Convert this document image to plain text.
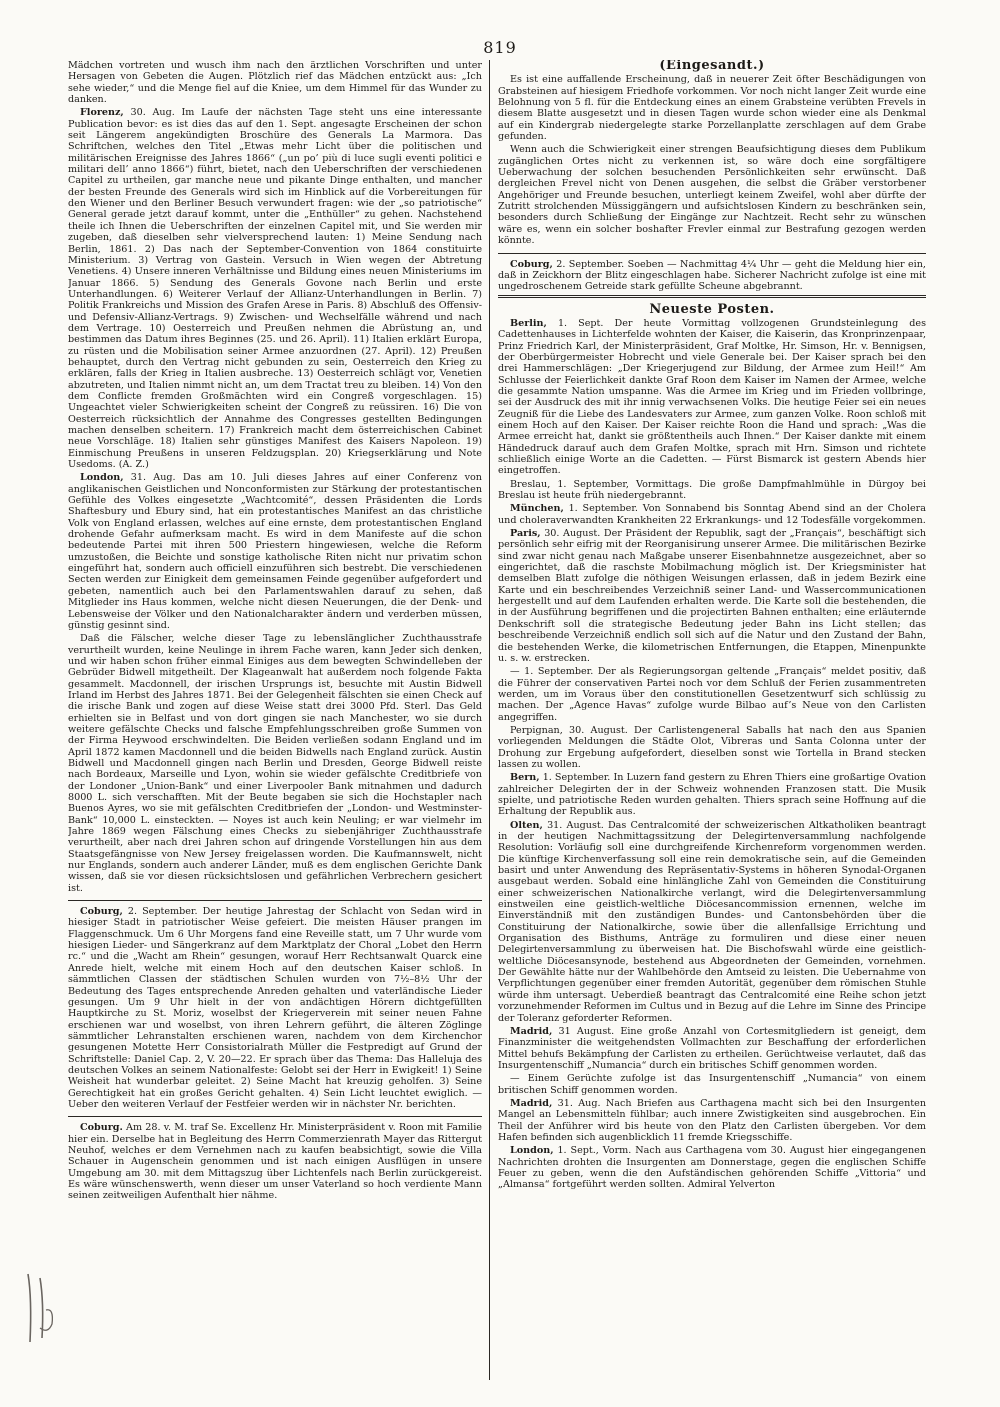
819

Mädchen vortreten und wusch ihm nach den ärztlichen Vorschriften und unter Hersagen von Gebeten die Augen. Plötzlich rief das Mädchen entzückt aus: „Ich sehe wieder,“ und die Menge fiel auf die Kniee, um dem Himmel für das Wunder zu danken.

Florenz, 30. Aug. Im Laufe der nächsten Tage steht uns eine interessante Publication bevor: es ist dies das auf den 1. Sept. angesagte Erscheinen der schon seit Längerem angekündigten Broschüre des Generals La Marmora. Das Schriftchen, welches den Titel „Etwas mehr Licht über die politischen und militärischen Ereignisse des Jahres 1866“ („un po’ più di luce sugli eventi politici e militari dell’ anno 1866“) führt, bietet, nach den Ueberschriften der verschiedenen Capitel zu urtheilen, gar manche neue und pikante Dinge enthalten, und mancher der besten Freunde des Generals wird sich im Hinblick auf die Vorbereitungen für den Wiener und den Berliner Besuch verwundert fragen: wie der „so patriotische“ General gerade jetzt darauf kommt, unter die „Enthüller“ zu gehen. Nachstehend theile ich Ihnen die Ueberschriften der einzelnen Capitel mit, und Sie werden mir zugeben, daß dieselben sehr vielversprechend lauten: 1) Meine Sendung nach Berlin, 1861. 2) Das nach der September-Convention von 1864 constituirte Ministerium. 3) Vertrag von Gastein. Versuch in Wien wegen der Abtretung Venetiens. 4) Unsere inneren Verhältnisse und Bildung eines neuen Ministeriums im Januar 1866. 5) Sendung des Generals Govone nach Berlin und erste Unterhandlungen. 6) Weiterer Verlauf der Allianz-Unterhandlungen in Berlin. 7) Politik Frankreichs und Mission des Grafen Arese in Paris. 8) Abschluß des Offensiv- und Defensiv-Allianz-Vertrags. 9) Zwischen- und Wechselfälle während und nach dem Vertrage. 10) Oesterreich und Preußen nehmen die Abrüstung an, und bestimmen das Datum ihres Beginnes (25. und 26. April). 11) Italien erklärt Europa, zu rüsten und die Mobilisation seiner Armee anzuordnen (27. April). 12) Preußen behauptet, durch den Vertrag nicht gebunden zu sein, Oesterreich den Krieg zu erklären, falls der Krieg in Italien ausbreche. 13) Oesterreich schlägt vor, Venetien abzutreten, und Italien nimmt nicht an, um dem Tractat treu zu bleiben. 14) Von den dem Conflicte fremden Großmächten wird ein Congreß vorgeschlagen. 15) Ungeachtet vieler Schwierigkeiten scheint der Congreß zu reüssiren. 16) Die von Oesterreich rücksichtlich der Annahme des Congresses gestellten Bedingungen machen denselben scheitern. 17) Frankreich macht dem österreichischen Cabinet neue Vorschläge. 18) Italien sehr günstiges Manifest des Kaisers Napoleon. 19) Einmischung Preußens in unseren Feldzugsplan. 20) Kriegserklärung und Note Usedoms. (A. Z.)

London, 31. Aug. Das am 10. Juli dieses Jahres auf einer Conferenz von anglikanischen Geistlichen und Nonconformisten zur Stärkung der protestantischen Gefühle des Volkes eingesetzte „Wachtcomité“, dessen Präsidenten die Lords Shaftesbury und Ebury sind, hat ein protestantisches Manifest an das christliche Volk von England erlassen, welches auf eine ernste, dem protestantischen England drohende Gefahr aufmerksam macht. Es wird in dem Manifeste auf die schon bedeutende Partei mit ihren 500 Priestern hingewiesen, welche die Reform umzustoßen, die Beichte und sonstige katholische Riten nicht nur privatim schon eingeführt hat, sondern auch officiell einzuführen sich bestrebt. Die verschiedenen Secten werden zur Einigkeit dem gemeinsamen Feinde gegenüber aufgefordert und gebeten, namentlich auch bei den Parlamentswahlen darauf zu sehen, daß Mitglieder ins Haus kommen, welche nicht diesen Neuerungen, die der Denk- und Lebensweise der Völker und den Nationalcharakter ändern und verderben müssen, günstig gesinnt sind.

Daß die Fälscher, welche dieser Tage zu lebenslänglicher Zuchthausstrafe verurtheilt wurden, keine Neulinge in ihrem Fache waren, kann Jeder sich denken, und wir haben schon früher einmal Einiges aus dem bewegten Schwindelleben der Gebrüder Bidwell mitgetheilt. Der Klageanwalt hat außerdem noch folgende Fakta gesammelt. Macdonnell, der irischen Ursprungs ist, besuchte mit Austin Bidwell Irland im Herbst des Jahres 1871. Bei der Gelegenheit fälschten sie einen Check auf die irische Bank und zogen auf diese Weise statt drei 3000 Pfd. Sterl. Das Geld erhielten sie in Belfast und von dort gingen sie nach Manchester, wo sie durch weitere gefälschte Checks und falsche Empfehlungsschreiben große Summen von der Firma Heywood erschwindelten. Die Beiden verließen sodann England und im April 1872 kamen Macdonnell und die beiden Bidwells nach England zurück. Austin Bidwell und Macdonnell gingen nach Berlin und Dresden, George Bidwell reiste nach Bordeaux, Marseille und Lyon, wohin sie wieder gefälschte Creditbriefe von der Londoner „Union-Bank“ und einer Liverpooler Bank mitnahmen und dadurch 8000 L. sich verschafften. Mit der Beute begaben sie sich die Hochstapler nach Buenos Ayres, wo sie mit gefälschten Creditbriefen der „London- und Westminster-Bank“ 10,000 L. einsteckten. — Noyes ist auch kein Neuling; er war vielmehr im Jahre 1869 wegen Fälschung eines Checks zu siebenjähriger Zuchthausstrafe verurtheilt, aber nach drei Jahren schon auf dringende Vorstellungen hin aus dem Staatsgefängnisse von New Jersey freigelassen worden. Die Kaufmannswelt, nicht nur Englands, sondern auch anderer Länder, muß es dem englischen Gerichte Dank wissen, daß sie vor diesen rücksichtslosen und gefährlichen Verbrechern gesichert ist.

Coburg, 2. September. Der heutige Jahrestag der Schlacht von Sedan wird in hiesiger Stadt in patriotischer Weise gefeiert. Die meisten Häuser prangen im Flaggenschmuck. Um 6 Uhr Morgens fand eine Reveille statt, um 7 Uhr wurde vom hiesigen Lieder- und Sängerkranz auf dem Marktplatz der Choral „Lobet den Herrn rc.“ und die „Wacht am Rhein“ gesungen, worauf Herr Rechtsanwalt Quarck eine Anrede hielt, welche mit einem Hoch auf den deutschen Kaiser schloß. In sämmtlichen Classen der städtischen Schulen wurden von 7½–8½ Uhr der Bedeutung des Tages entsprechende Anreden gehalten und vaterländische Lieder gesungen. Um 9 Uhr hielt in der von andächtigen Hörern dichtgefüllten Hauptkirche zu St. Moriz, woselbst der Kriegerverein mit seiner neuen Fahne erschienen war und woselbst, von ihren Lehrern geführt, die älteren Zöglinge sämmtlicher Lehranstalten erschienen waren, nachdem von dem Kirchenchor gesungenen Motette Herr Consistorialrath Müller die Festpredigt auf Grund der Schriftstelle: Daniel Cap. 2, V. 20—22. Er sprach über das Thema: Das Halleluja des deutschen Volkes an seinem Nationalfeste: Gelobt sei der Herr in Ewigkeit! 1) Seine Weisheit hat wunderbar geleitet. 2) Seine Macht hat kreuzig geholfen. 3) Seine Gerechtigkeit hat ein großes Gericht gehalten. 4) Sein Licht leuchtet ewiglich. — Ueber den weiteren Verlauf der Festfeier werden wir in nächster Nr. berichten.

Coburg. Am 28. v. M. traf Se. Excellenz Hr. Ministerpräsident v. Roon mit Familie hier ein. Derselbe hat in Begleitung des Herrn Commerzienrath Mayer das Rittergut Neuhof, welches er dem Vernehmen nach zu kaufen beabsichtigt, sowie die Villa Schauer in Augenschein genommen und ist nach einigen Ausflügen in unsere Umgebung am 30. mit dem Mittagszug über Lichtenfels nach Berlin zurückgereist. Es wäre wünschenswerth, wenn dieser um unser Vaterland so hoch verdiente Mann seinen zeitweiligen Aufenthalt hier nähme.

(Eingesandt.)

Es ist eine auffallende Erscheinung, daß in neuerer Zeit öfter Beschädigungen von Grabsteinen auf hiesigem Friedhofe vorkommen. Vor noch nicht langer Zeit wurde eine Belohnung von 5 fl. für die Entdeckung eines an einem Grabsteine verübten Frevels in diesem Blatte ausgesetzt und in diesen Tagen wurde schon wieder eine als Denkmal auf ein Kindergrab niedergelegte starke Porzellanplatte zerschlagen auf dem Grabe gefunden.

Wenn auch die Schwierigkeit einer strengen Beaufsichtigung dieses dem Publikum zugänglichen Ortes nicht zu verkennen ist, so wäre doch eine sorgfältigere Ueberwachung der solchen besuchenden Persönlichkeiten sehr erwünscht. Daß dergleichen Frevel nicht von Denen ausgehen, die selbst die Gräber verstorbener Angehöriger und Freunde besuchen, unterliegt keinem Zweifel, wohl aber dürfte der Zutritt strolchenden Müssiggängern und aufsichtslosen Kindern zu beschränken sein, besonders durch Schließung der Eingänge zur Nachtzeit. Recht sehr zu wünschen wäre es, wenn ein solcher boshafter Frevler einmal zur Bestrafung gezogen werden könnte.

Coburg, 2. September. Soeben — Nachmittag 4¼ Uhr — geht die Meldung hier ein, daß in Zeickhorn der Blitz eingeschlagen habe. Sicherer Nachricht zufolge ist eine mit ungedroschenem Getreide stark gefüllte Scheune abgebrannt.

Neueste Posten.

Berlin, 1. Sept. Der heute Vormittag vollzogenen Grundsteinlegung des Cadettenhauses in Lichterfelde wohnten der Kaiser, die Kaiserin, das Kronprinzenpaar, Prinz Friedrich Karl, der Ministerpräsident, Graf Moltke, Hr. Simson, Hr. v. Bennigsen, der Oberbürgermeister Hobrecht und viele Generale bei. Der Kaiser sprach bei den drei Hammerschlägen: „Der Kriegerjugend zur Bildung, der Armee zum Heil!“ Am Schlusse der Feierlichkeit dankte Graf Roon dem Kaiser im Namen der Armee, welche die gesammte Nation umspanne. Was die Armee im Krieg und im Frieden vollbringe, sei der Ausdruck des mit ihr innig verwachsenen Volks. Die heutige Feier sei ein neues Zeugniß für die Liebe des Landesvaters zur Armee, zum ganzen Volke. Roon schloß mit einem Hoch auf den Kaiser. Der Kaiser reichte Roon die Hand und sprach: „Was die Armee erreicht hat, dankt sie größtentheils auch Ihnen.“ Der Kaiser dankte mit einem Händedruck darauf auch dem Grafen Moltke, sprach mit Hrn. Simson und richtete schließlich einige Worte an die Cadetten. — Fürst Bismarck ist gestern Abends hier eingetroffen.

Breslau, 1. September, Vormittags. Die große Dampfmahlmühle in Dürgoy bei Breslau ist heute früh niedergebrannt.

München, 1. September. Von Sonnabend bis Sonntag Abend sind an der Cholera und choleraverwandten Krankheiten 22 Erkrankungs- und 12 Todesfälle vorgekommen.

Paris, 30. August. Der Präsident der Republik, sagt der „Français“, beschäftigt sich persönlich sehr eifrig mit der Reorganisirung unserer Armee. Die militärischen Bezirke sind zwar nicht genau nach Maßgabe unserer Eisenbahnnetze ausgezeichnet, aber so eingerichtet, daß die raschste Mobilmachung möglich ist. Der Kriegsminister hat demselben Blatt zufolge die nöthigen Weisungen erlassen, daß in jedem Bezirk eine Karte und ein beschreibendes Verzeichniß seiner Land- und Wassercommunicationen hergestellt und auf dem Laufenden erhalten werde. Die Karte soll die bestehenden, die in der Ausführung begriffenen und die projectirten Bahnen enthalten; eine erläuternde Denkschrift soll die strategische Bedeutung jeder Bahn ins Licht stellen; das beschreibende Verzeichniß endlich soll sich auf die Natur und den Zustand der Bahn, die bestehenden Werke, die kilometrischen Entfernungen, die Etappen, Minenpunkte u. s. w. erstrecken.

— 1. September. Der als Regierungsorgan geltende „Français“ meldet positiv, daß die Führer der conservativen Partei noch vor dem Schluß der Ferien zusammentreten werden, um im Voraus über den constitutionellen Gesetzentwurf sich schlüssig zu machen. Der „Agence Havas“ zufolge wurde Bilbao auf’s Neue von den Carlisten angegriffen.

Perpignan, 30. August. Der Carlistengeneral Saballs hat nach den aus Spanien vorliegenden Meldungen die Städte Olot, Vibreras und Santa Colonna unter der Drohung zur Ergebung aufgefordert, dieselben sonst wie Tortella in Brand stecken lassen zu wollen.

Bern, 1. September. In Luzern fand gestern zu Ehren Thiers eine großartige Ovation zahlreicher Delegirten der in der Schweiz wohnenden Franzosen statt. Die Musik spielte, und patriotische Reden wurden gehalten. Thiers sprach seine Hoffnung auf die Erhaltung der Republik aus.

Olten, 31. August. Das Centralcomité der schweizerischen Altkatholiken beantragt in der heutigen Nachmittagssitzung der Delegirtenversammlung nachfolgende Resolution: Vorläufig soll eine durchgreifende Kirchenreform vorgenommen werden. Die künftige Kirchenverfassung soll eine rein demokratische sein, auf die Gemeinden basirt und unter Anwendung des Repräsentativ-Systems in höheren Synodal-Organen ausgebaut werden. Sobald eine hinlängliche Zahl von Gemeinden die Constituirung einer schweizerischen Nationalkirche verlangt, wird die Delegirtenversammlung einstweilen eine geistlich-weltliche Diöcesancommission ernennen, welche im Einverständniß mit den zuständigen Bundes- und Cantonsbehörden über die Constituirung der Nationalkirche, sowie über die allenfallsige Errichtung und Organisation des Bisthums, Anträge zu formuliren und diese einer neuen Delegirtenversammlung zu überweisen hat. Die Bischofswahl würde eine geistlich-weltliche Diöcesansynode, bestehend aus Abgeordneten der Gemeinden, vornehmen. Der Gewählte hätte nur der Wahlbehörde den Amtseid zu leisten. Die Uebernahme von Verpflichtungen gegenüber einer fremden Autorität, gegenüber dem römischen Stuhle würde ihm untersagt. Ueberdieß beantragt das Centralcomité eine Reihe schon jetzt vorzunehmender Reformen im Cultus und in Bezug auf die Lehre im Sinne des Principe der Toleranz geforderter Reformen.

Madrid, 31 August. Eine große Anzahl von Cortesmitgliedern ist geneigt, dem Finanzminister die weitgehendsten Vollmachten zur Beschaffung der erforderlichen Mittel behufs Bekämpfung der Carlisten zu ertheilen. Gerüchtweise verlautet, daß das Insurgentenschiff „Numancia“ durch ein britisches Schiff genommen worden.

— Einem Gerüchte zufolge ist das Insurgentenschiff „Numancia“ von einem britischen Schiff genommen worden.

Madrid, 31. Aug. Nach Briefen aus Carthagena macht sich bei den Insurgenten Mangel an Lebensmitteln fühlbar; auch innere Zwistigkeiten sind ausgebrochen. Ein Theil der Anführer wird bis heute von den Platz den Carlisten übergeben. Vor dem Hafen befinden sich augenblicklich 11 fremde Kriegsschiffe.

London, 1. Sept., Vorm. Nach aus Carthagena vom 30. August hier eingegangenen Nachrichten drohten die Insurgenten am Donnerstage, gegen die englischen Schiffe Feuer zu geben, wenn die den Aufständischen gehörenden Schiffe „Vittoria“ und „Almansa“ fortgeführt werden sollten. Admiral Yelverton
